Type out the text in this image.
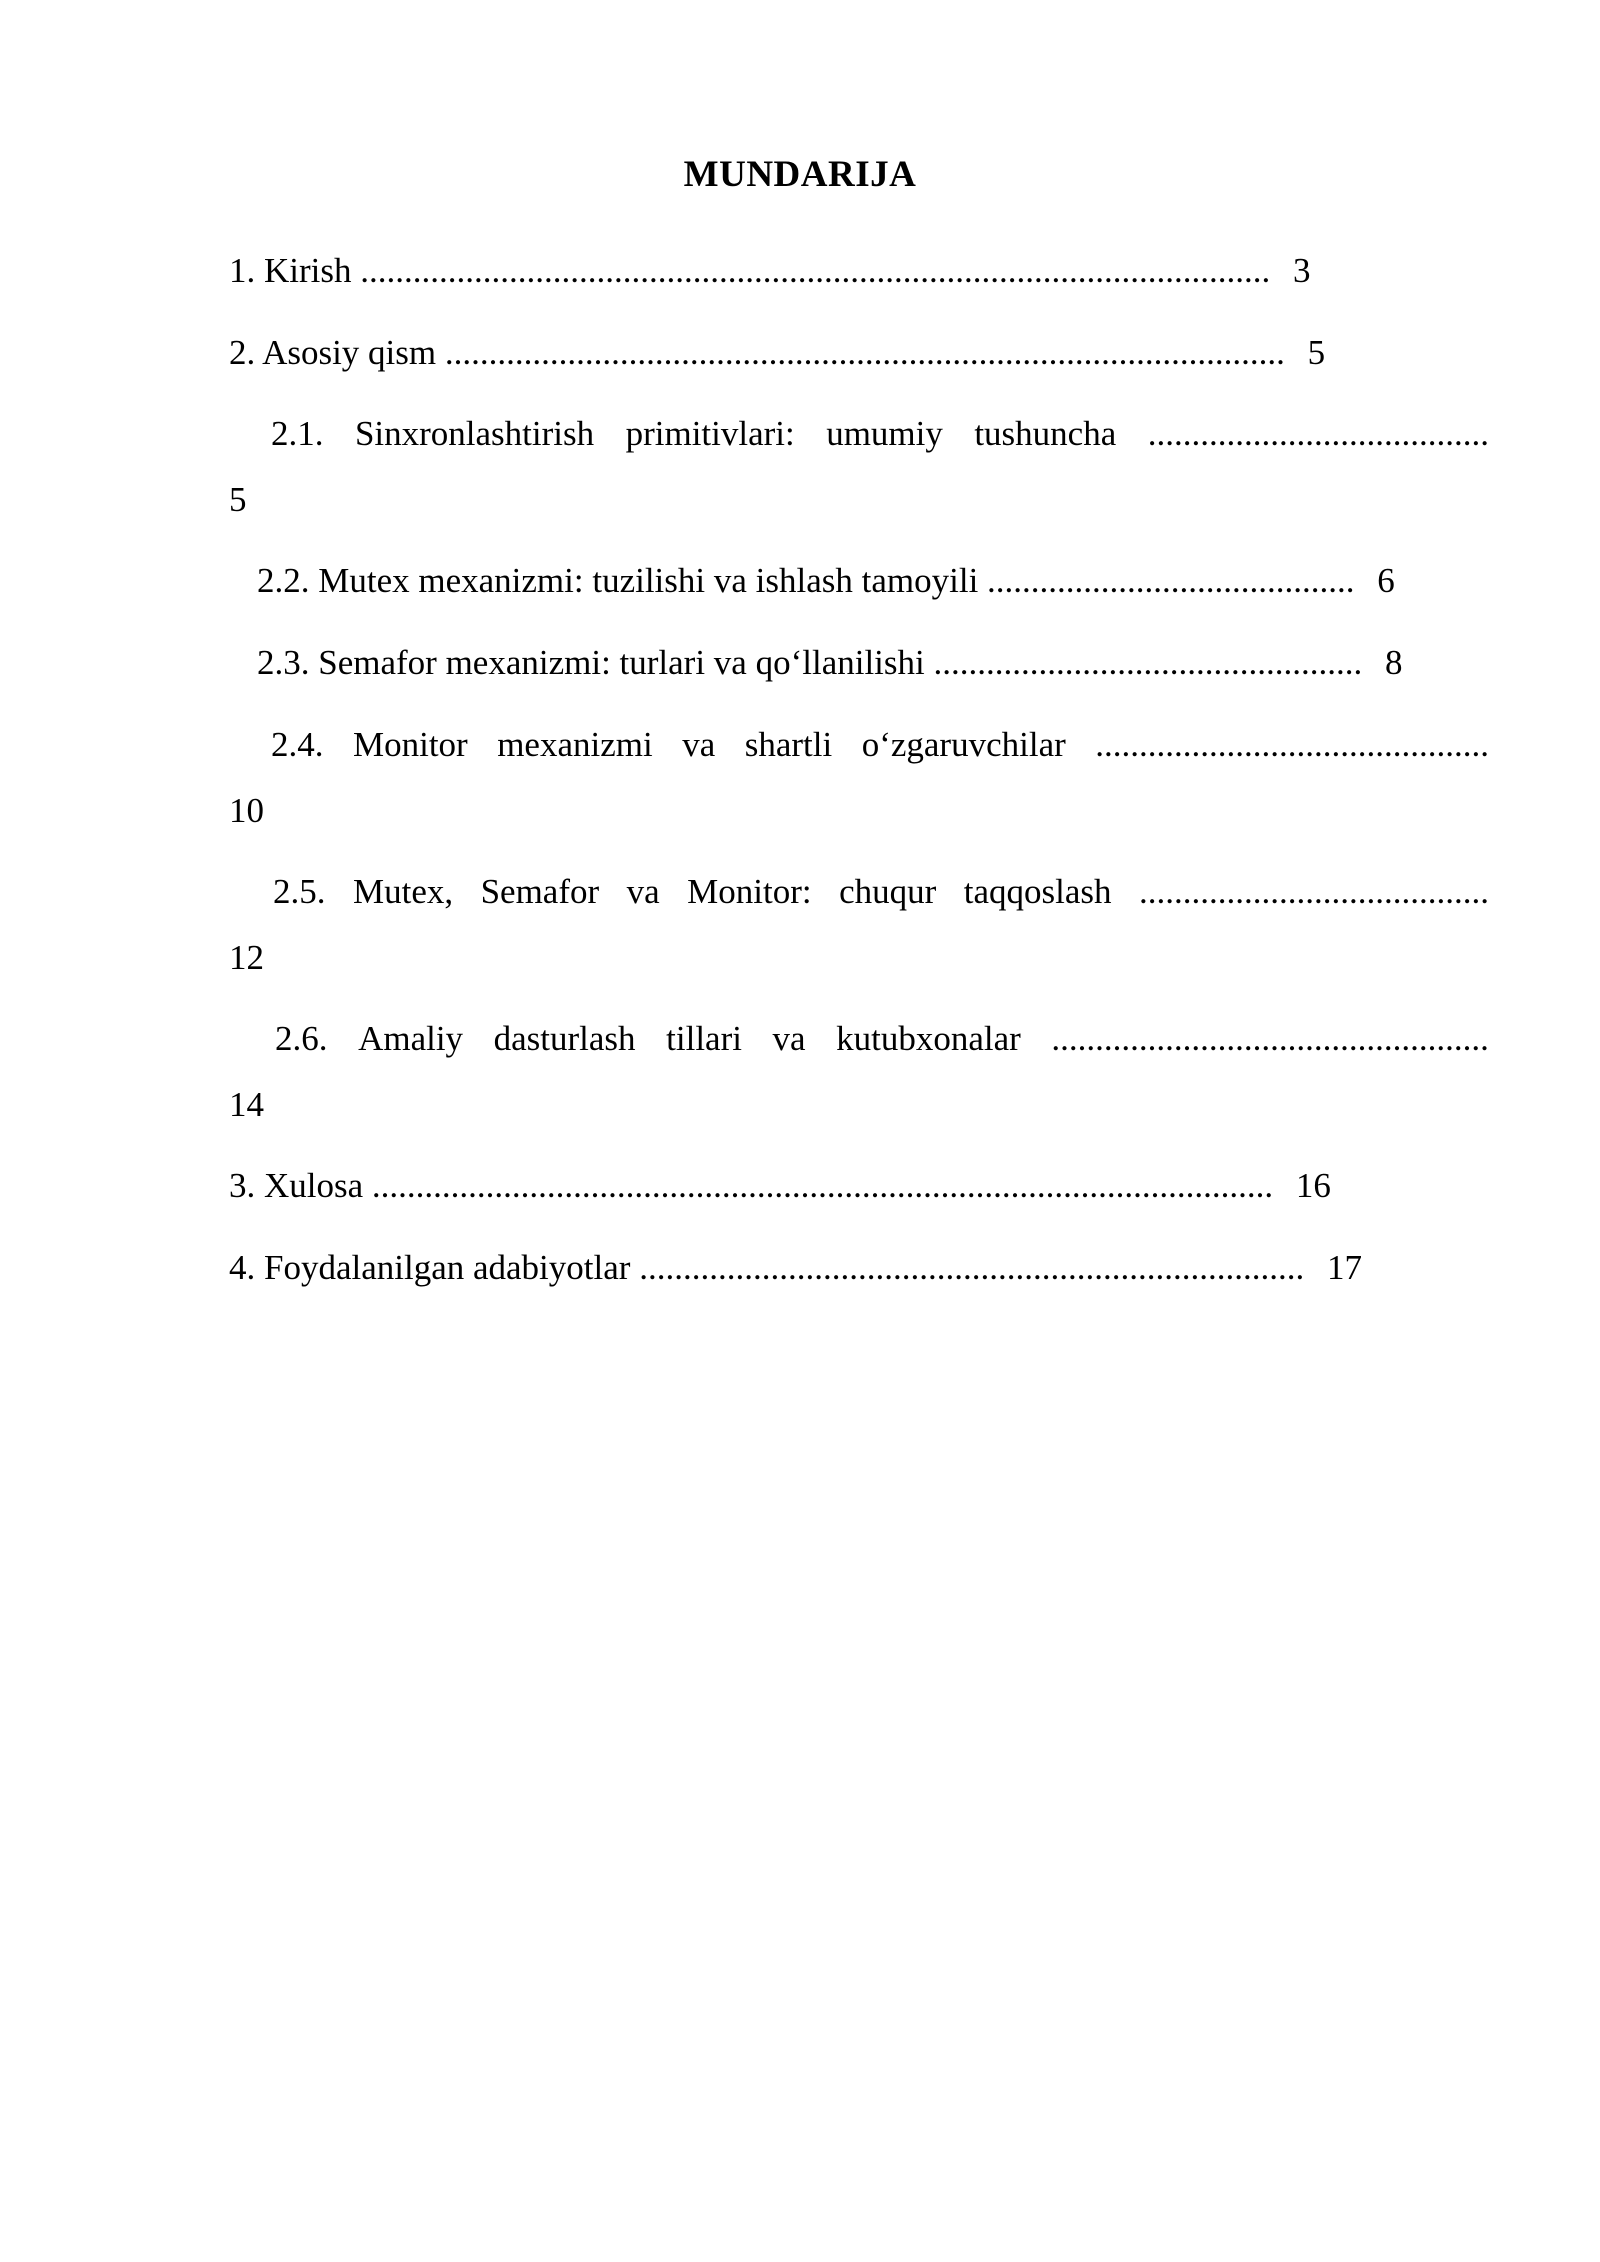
MUNDARIJA
1. Kirish ........................................................................................................ 3
2. Asosiy qism ................................................................................................ 5
2.1. Sinxronlashtirish primitivlari: umumiy tushuncha .......................................
5
2.2. Mutex mexanizmi: tuzilishi va ishlash tamoyili .......................................... 6
2.3. Semafor mexanizmi: turlari va qo‘llanilishi ................................................. 8
2.4. Monitor mexanizmi va shartli o‘zgaruvchilar .............................................
10
2.5. Mutex, Semafor va Monitor: chuqur taqqoslash ........................................
12
2.6. Amaliy dasturlash tillari va kutubxonalar ..................................................
14
3. Xulosa ....................................................................................................... 16
4. Foydalanilgan adabiyotlar ............................................................................ 17
